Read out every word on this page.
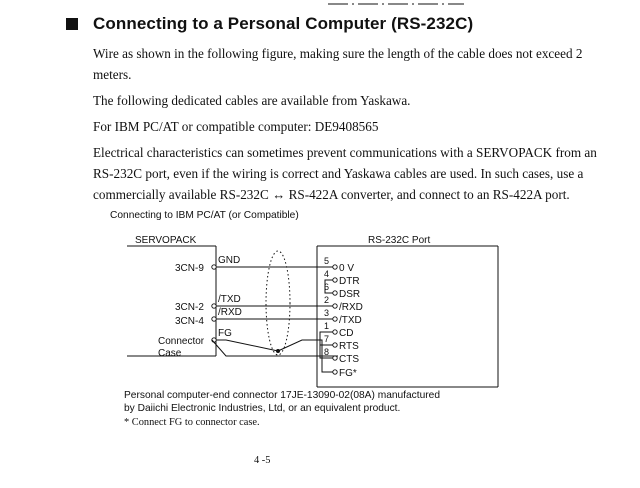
Connecting to a Personal Computer (RS-232C)
Wire as shown in the following figure, making sure the length of the cable does not exceed 2 meters.
The following dedicated cables are available from Yaskawa.
For IBM PC/AT or compatible computer: DE9408565
Electrical characteristics can sometimes prevent communications with a SERVOPACK from an RS-232C port, even if the wiring is correct and Yaskawa cables are used. In such cases, use a commercially available RS-232C ↔ RS-422A converter, and connect to an RS-422A port.
Connecting to IBM PC/AT (or Compatible)
SERVOPACK	RS-232C Port
3CN-9
3CN-2
3CN-4
Connector
Case
GND
/TXD
/RXD
FG
5
4
6
2
3
1
7
8
0 V
DTR
DSR
/RXD
/TXD
CD
RTS
CTS
FG*
Personal computer-end connector 17JE-13090-02(08A) manufactured
by Daiichi Electronic Industries, Ltd, or an equivalent product.
* Connect FG to connector case.
4 -5
